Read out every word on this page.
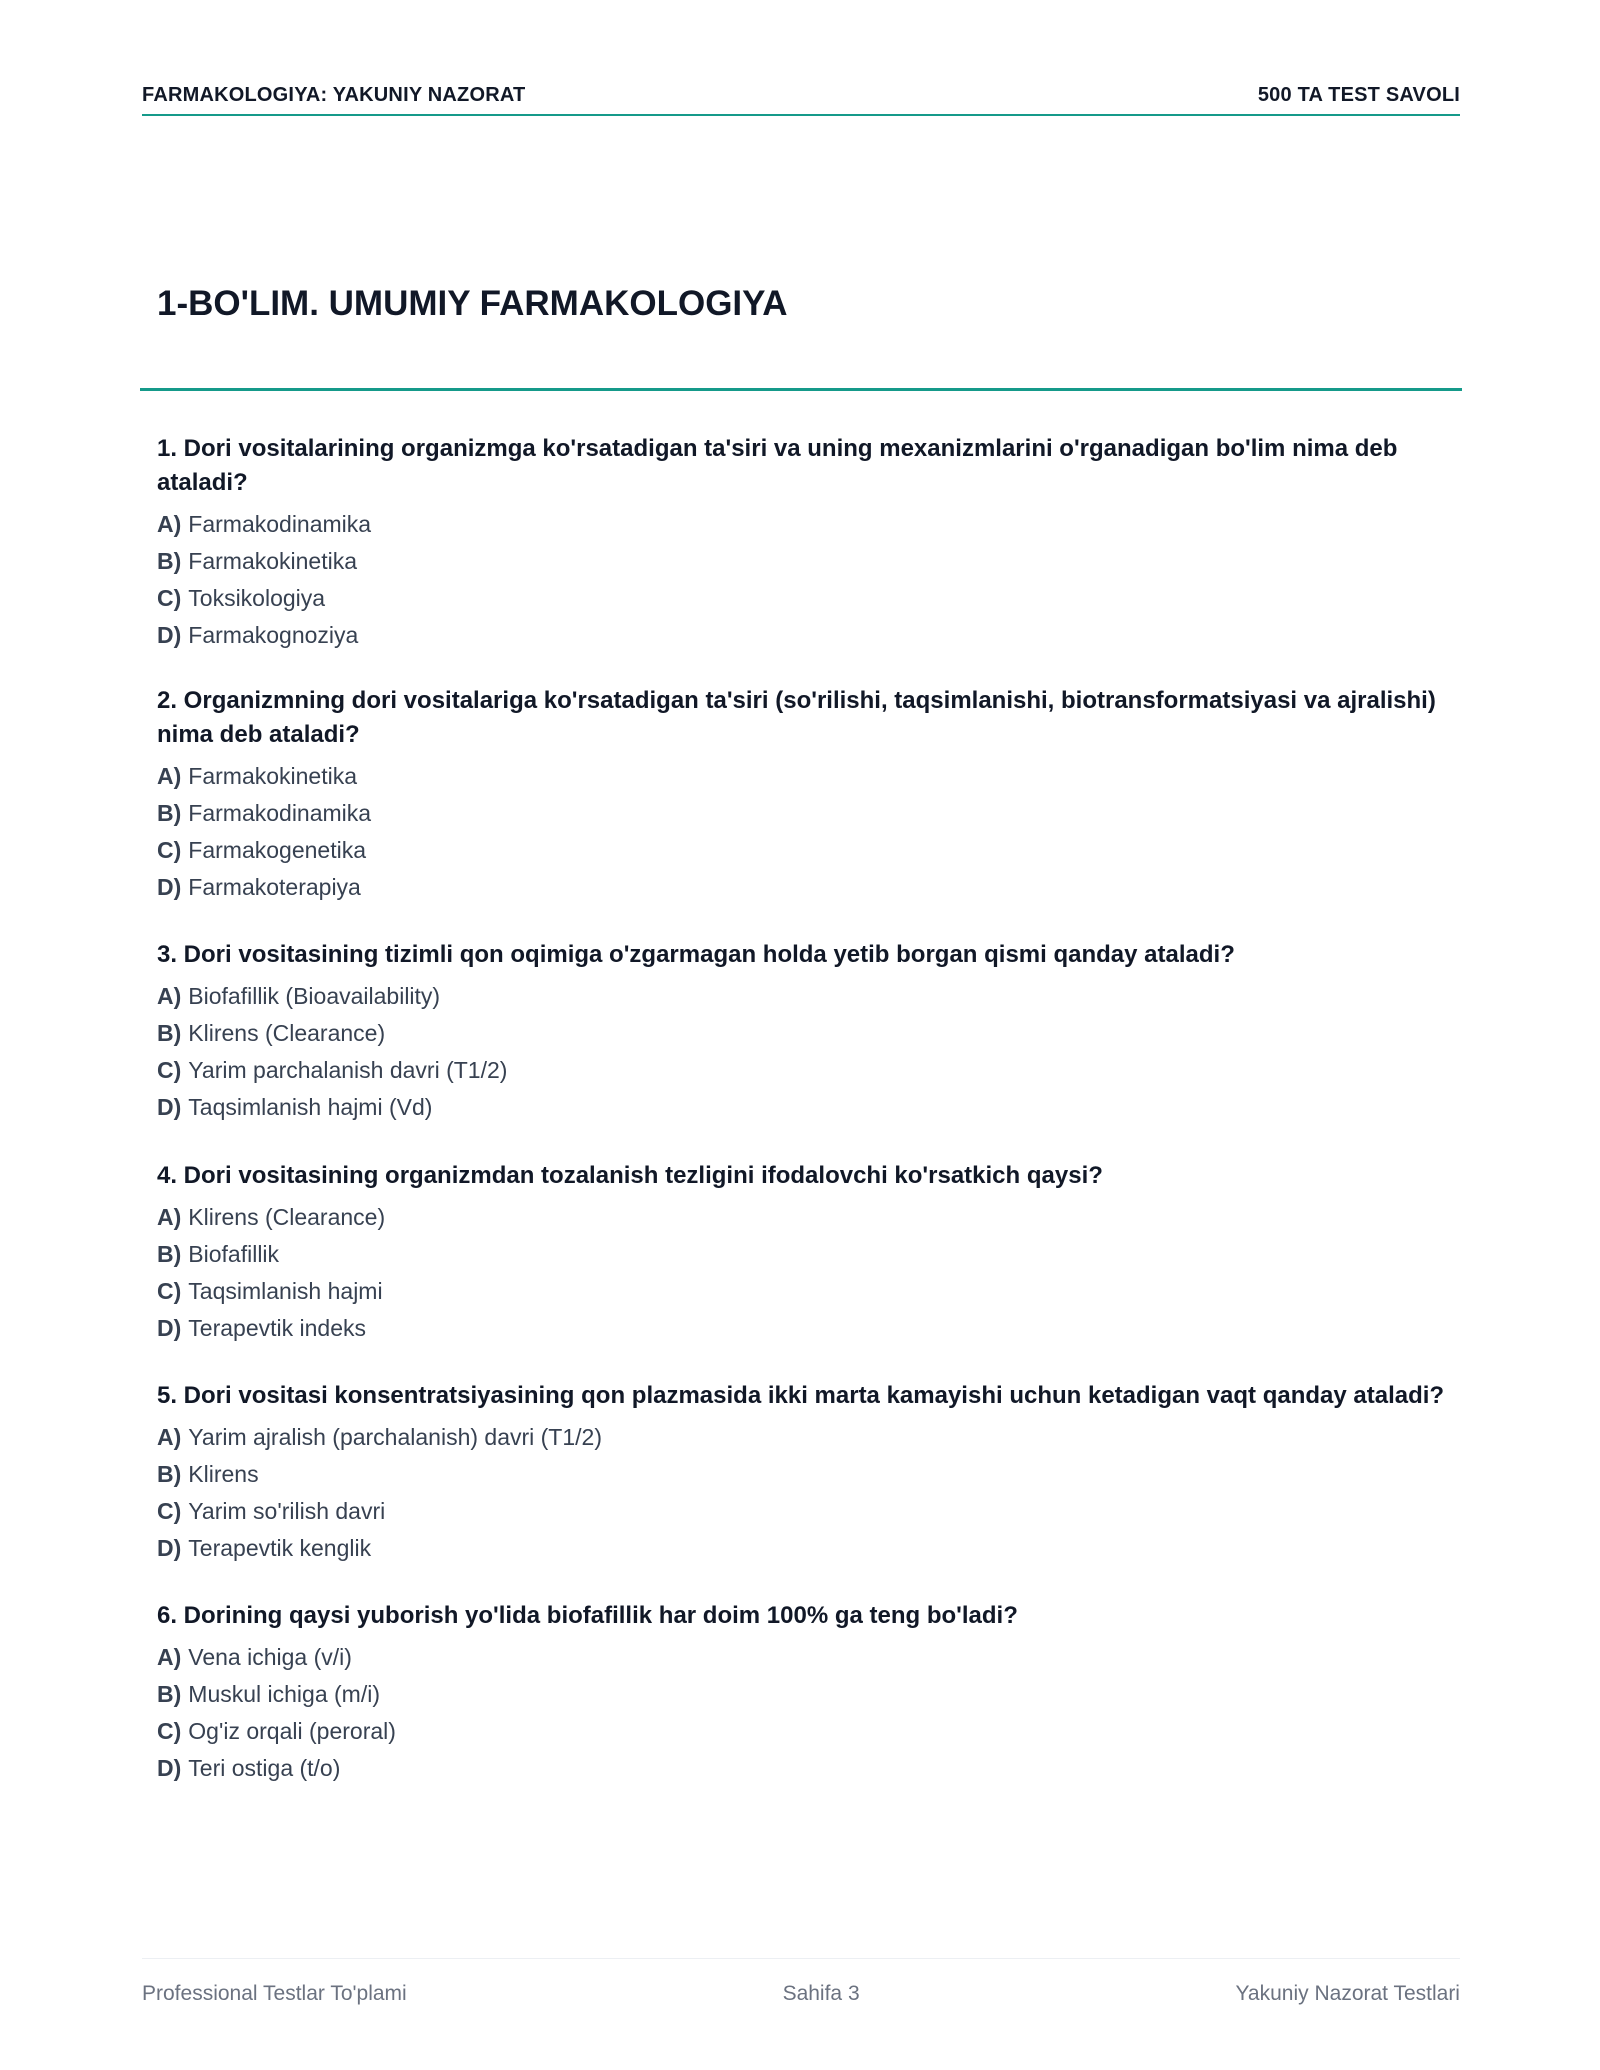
FARMAKOLOGIYA: YAKUNIY NAZORAT	500 TA TEST SAVOLI
1-BO'LIM. UMUMIY FARMAKOLOGIYA

1. Dori vositalarining organizmga ko'rsatadigan ta'siri va uning mexanizmlarini o'rganadigan bo'lim nima deb ataladi?

A) Farmakodinamika
B) Farmakokinetika
C) Toksikologiya
D) Farmakognoziya

2. Organizmning dori vositalariga ko'rsatadigan ta'siri (so'rilishi, taqsimlanishi, biotransformatsiyasi va ajralishi) nima deb ataladi?

A) Farmakokinetika
B) Farmakodinamika
C) Farmakogenetika
D) Farmakoterapiya

3. Dori vositasining tizimli qon oqimiga o'zgarmagan holda yetib borgan qismi qanday ataladi?

A) Biofafillik (Bioavailability)
B) Klirens (Clearance)
C) Yarim parchalanish davri (T1/2)
D) Taqsimlanish hajmi (Vd)

4. Dori vositasining organizmdan tozalanish tezligini ifodalovchi ko'rsatkich qaysi?

A) Klirens (Clearance)
B) Biofafillik
C) Taqsimlanish hajmi
D) Terapevtik indeks

5. Dori vositasi konsentratsiyasining qon plazmasida ikki marta kamayishi uchun ketadigan vaqt qanday ataladi?

A) Yarim ajralish (parchalanish) davri (T1/2)
B) Klirens
C) Yarim so'rilish davri
D) Terapevtik kenglik

6. Dorining qaysi yuborish yo'lida biofafillik har doim 100% ga teng bo'ladi?

A) Vena ichiga (v/i)
B) Muskul ichiga (m/i)
C) Og'iz orqali (peroral)
D) Teri ostiga (t/o)
Professional Testlar To'plami	Sahifa 3	Yakuniy Nazorat Testlari
